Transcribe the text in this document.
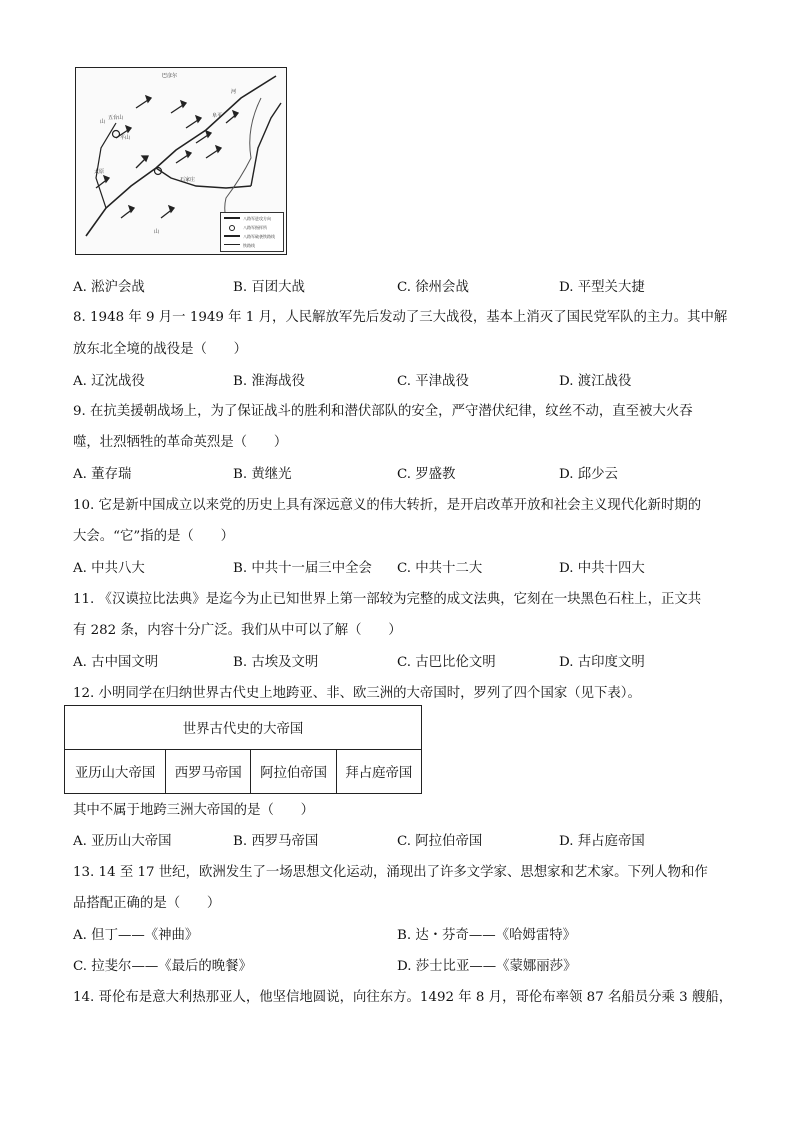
巴彦尔
山
五台山
平山
阜平
石家庄
太原
河
山
八路军进攻方向
八路军指挥所
八路军破袭铁路线
铁路线
A. 淞沪会战	B. 百团大战	C. 徐州会战	D. 平型关大捷
8. 1948 年 9 月一 1949 年 1 月，人民解放军先后发动了三大战役，基本上消灭了国民党军队的主力。其中解
放东北全境的战役是（　　）
A. 辽沈战役	B. 淮海战役	C. 平津战役	D. 渡江战役
9. 在抗美援朝战场上，为了保证战斗的胜利和潜伏部队的安全，严守潜伏纪律，纹丝不动，直至被大火吞
噬，壮烈牺牲的革命英烈是（　　）
A. 董存瑞	B. 黄继光	C. 罗盛教	D. 邱少云
10. 它是新中国成立以来党的历史上具有深远意义的伟大转折，是开启改革开放和社会主义现代化新时期的
大会。“它”指的是（　　）
A. 中共八大	B. 中共十一届三中全会 C. 中共十二大	D. 中共十四大
11. 《汉谟拉比法典》是迄今为止已知世界上第一部较为完整的成文法典，它刻在一块黑色石柱上，正文共
有 282 条，内容十分广泛。我们从中可以了解（　　）
A. 古中国文明	B. 古埃及文明	C. 古巴比伦文明	D. 古印度文明
12. 小明同学在归纳世界古代史上地跨亚、非、欧三洲的大帝国时，罗列了四个国家（见下表）。
世界古代史的大帝国
亚历山大帝国	西罗马帝国	阿拉伯帝国	拜占庭帝国
其中不属于地跨三洲大帝国的是（　　）
A. 亚历山大帝国	B. 西罗马帝国	C. 阿拉伯帝国	D. 拜占庭帝国
13. 14 至 17 世纪，欧洲发生了一场思想文化运动，涌现出了许多文学家、思想家和艺术家。下列人物和作
品搭配正确的是（　　）
A. 但丁——《神曲》	B. 达・芬奇——《哈姆雷特》
C. 拉斐尔——《最后的晚餐》	D. 莎士比亚——《蒙娜丽莎》
14. 哥伦布是意大利热那亚人，他坚信地圆说，向往东方。1492 年 8 月，哥伦布率领 87 名船员分乘 3 艘船，
